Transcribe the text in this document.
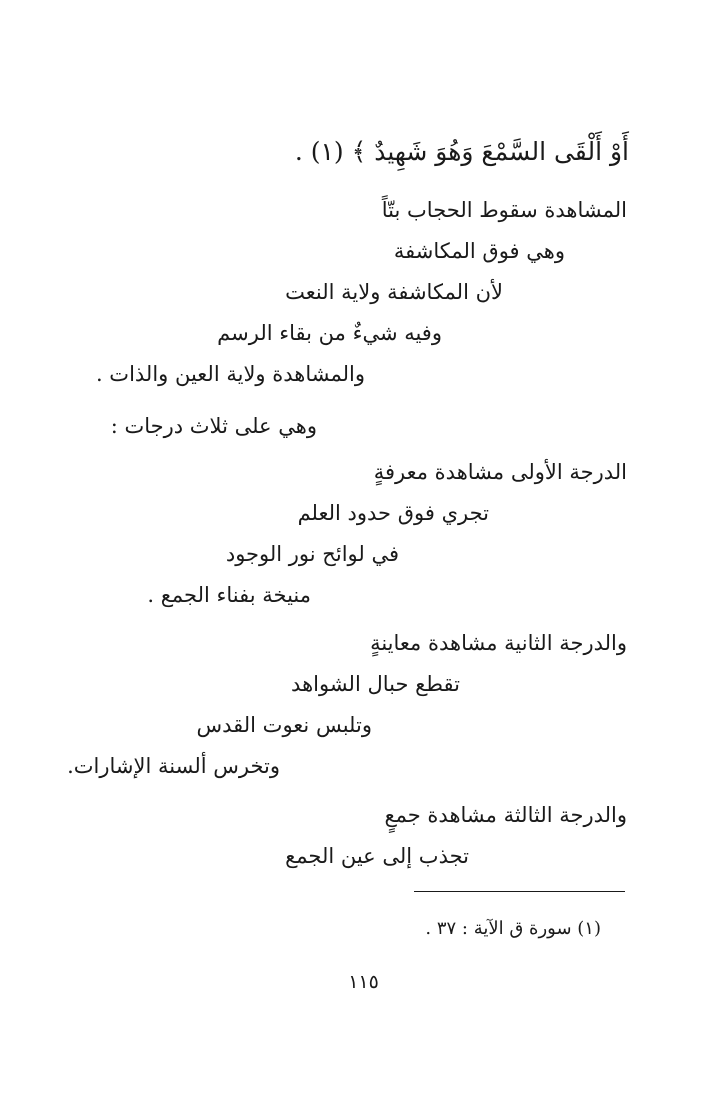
أَوْ أَلْقَى السَّمْعَ وَهُوَ شَهِيدٌ ﴾ (١) .
المشاهدة سقوط الحجاب بتّاً
وهي فوق المكاشفة
لأن المكاشفة ولاية النعت
وفيه شيءٌ من بقاء الرسم
والمشاهدة ولاية العين والذات .
وهي على ثلاث درجات :
الدرجة الأولى مشاهدة معرفةٍ
تجري فوق حدود العلم
في لوائح نور الوجود
منيخة بفناء الجمع .
والدرجة الثانية مشاهدة معاينةٍ
تقطع حبال الشواهد
وتلبس نعوت القدس
وتخرس ألسنة الإشارات.
والدرجة الثالثة مشاهدة جمعٍ
تجذب إلى عين الجمع
(١) سورة ق الآية : ٣٧ .
١١٥
